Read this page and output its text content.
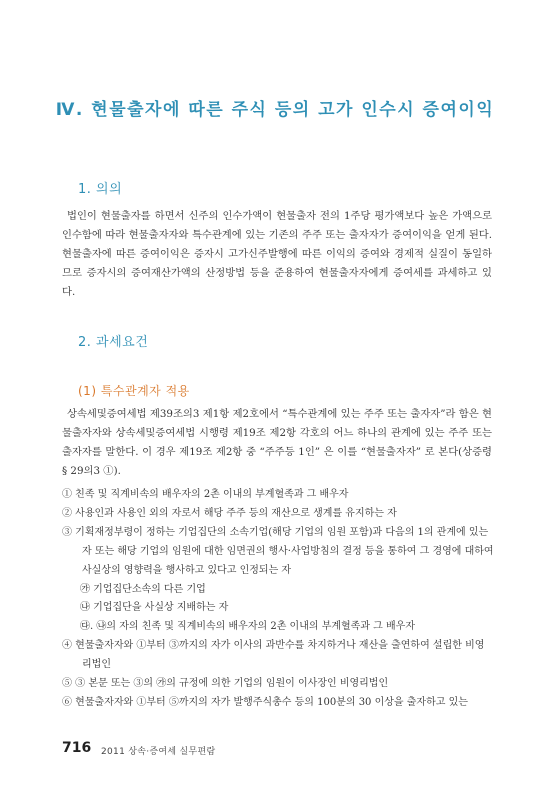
Ⅳ. 현물출자에 따른 주식 등의 고가 인수시 증여이익
1. 의의
법인이 현물출자를 하면서 신주의 인수가액이 현물출자 전의 1주당 평가액보다 높은 가액으로 인수함에 따라 현물출자자와 특수관계에 있는 기존의 주주 또는 출자자가 증여이익을 얻게 된다. 현물출자에 따른 증여이익은 증자시 고가신주발행에 따른 이익의 증여와 경제적 실질이 동일하므로 증자시의 증여재산가액의 산정방법 등을 준용하여 현물출자자에게 증여세를 과세하고 있다.
2. 과세요건
(1) 특수관계자 적용
상속세및증여세법 제39조의3 제1항 제2호에서 “특수관계에 있는 주주 또는 출자자”라 함은 현물출자자와 상속세및증여세법 시행령 제19조 제2항 각호의 어느 하나의 관계에 있는 주주 또는 출자자를 말한다. 이 경우 제19조 제2항 중 “주주등 1인” 은 이를 “현물출자자” 로 본다(상증령 § 29의3 ①).
① 친족 및 직계비속의 배우자의 2촌 이내의 부계혈족과 그 배우자
② 사용인과 사용인 외의 자로서 해당 주주 등의 재산으로 생계를 유지하는 자
③ 기획재정부령이 정하는 기업집단의 소속기업(해당 기업의 임원 포함)과 다음의 1의 관계에 있는 자 또는 해당 기업의 임원에 대한 임면권의 행사·사업방침의 결정 등을 통하여 그 경영에 대하여 사실상의 영향력을 행사하고 있다고 인정되는 자
㉮ 기업집단소속의 다른 기업
㉯ 기업집단을 사실상 지배하는 자
㉰. ㉯의 자의 친족 및 직계비속의 배우자의 2촌 이내의 부계혈족과 그 배우자
④ 현물출자자와 ①부터 ③까지의 자가 이사의 과반수를 차지하거나 재산을 출연하여 설립한 비영리법인
⑤ ③ 본문 또는 ③의 ㉮의 규정에 의한 기업의 임원이 이사장인 비영리법인
⑥ 현물출자자와 ①부터 ⑤까지의 자가 발행주식총수 등의 100분의 30 이상을 출자하고 있는
716 2011 상속·증여세 실무편람
